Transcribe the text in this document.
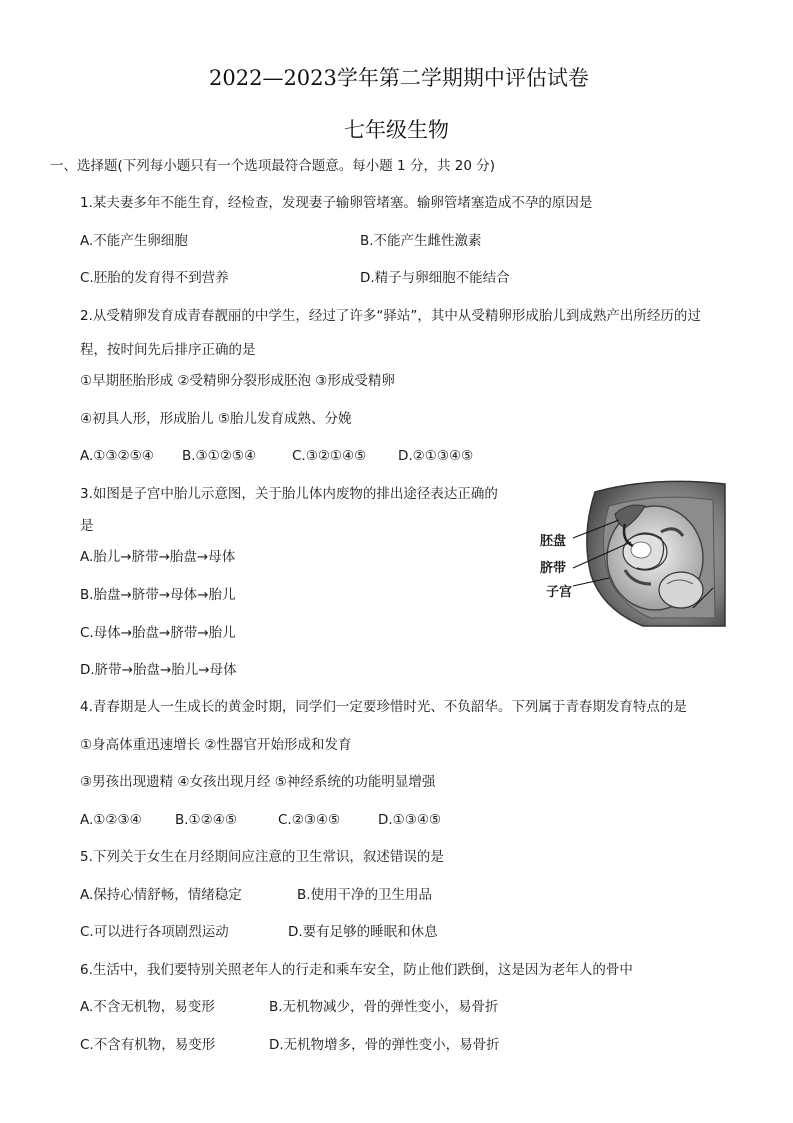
2022—2023学年第二学期期中评估试卷
七年级生物
一、选择题(下列每小题只有一个选项最符合题意。每小题 1 分，共 20 分)
1.某夫妻多年不能生育，经检查，发现妻子输卵管堵塞。输卵管堵塞造成不孕的原因是
A.不能产生卵细胞	B.不能产生雌性激素
C.胚胎的发育得不到营养	D.精子与卵细胞不能结合
2.从受精卵发育成青春靓丽的中学生，经过了许多“驿站”，其中从受精卵形成胎儿到成熟产出所经历的过
程，按时间先后排序正确的是
①早期胚胎形成 ②受精卵分裂形成胚泡 ③形成受精卵
④初具人形，形成胎儿 ⑤胎儿发育成熟、分娩
A.①③②⑤④ B.③①②⑤④	C.③②①④⑤ D.②①③④⑤
3.如图是子宫中胎儿示意图，关于胎儿体内废物的排出途径表达正确的
是
A.胎儿→脐带→胎盘→母体
B.胎盘→脐带→母体→胎儿
C.母体→胎盘→脐带→胎儿
D.脐带→胎盘→胎儿→母体
胚盘
脐带
子宫
4.青春期是人一生成长的黄金时期，同学们一定要珍惜时光、不负韶华。下列属于青春期发育特点的是
①身高体重迅速增长 ②性器官开始形成和发育
③男孩出现遗精 ④女孩出现月经 ⑤神经系统的功能明显增强
A.①②③④ B.①②④⑤	C.②③④⑤	D.①③④⑤
5.下列关于女生在月经期间应注意的卫生常识，叙述错误的是
A.保持心情舒畅，情绪稳定	B.使用干净的卫生用品
C.可以进行各项剧烈运动	D.要有足够的睡眠和休息
6.生活中，我们要特别关照老年人的行走和乘车安全，防止他们跌倒，这是因为老年人的骨中
A.不含无机物，易变形	B.无机物减少，骨的弹性变小，易骨折
C.不含有机物，易变形	D.无机物增多，骨的弹性变小，易骨折
